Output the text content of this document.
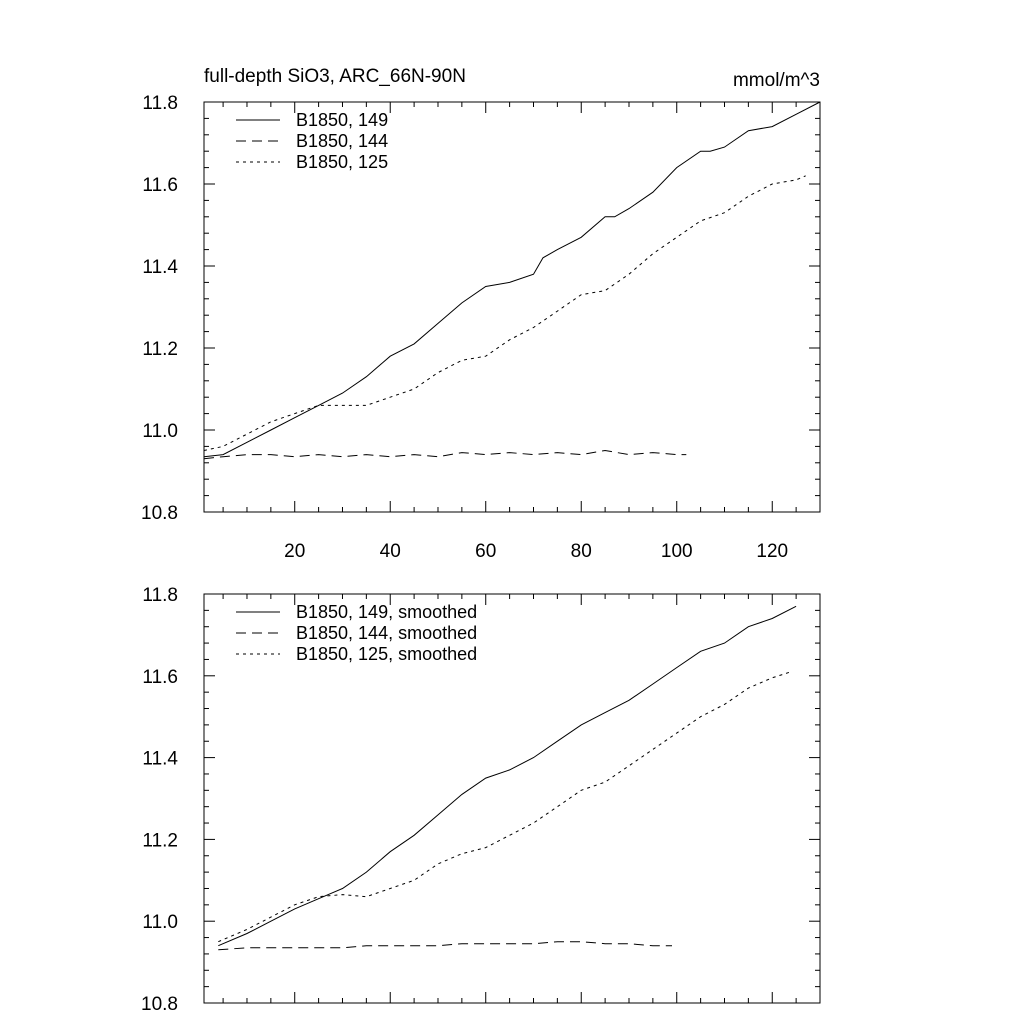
full-depth SiO3, ARC_66N-90N	mmol/m^3
10.8
11.0
11.2
11.4
11.6
11.8
20	40	60	80	100	120
B1850, 149
B1850, 144
B1850, 125
10.8
11.0
11.2
11.4
11.6
11.8
B1850, 149, smoothed
B1850, 144, smoothed
B1850, 125, smoothed
